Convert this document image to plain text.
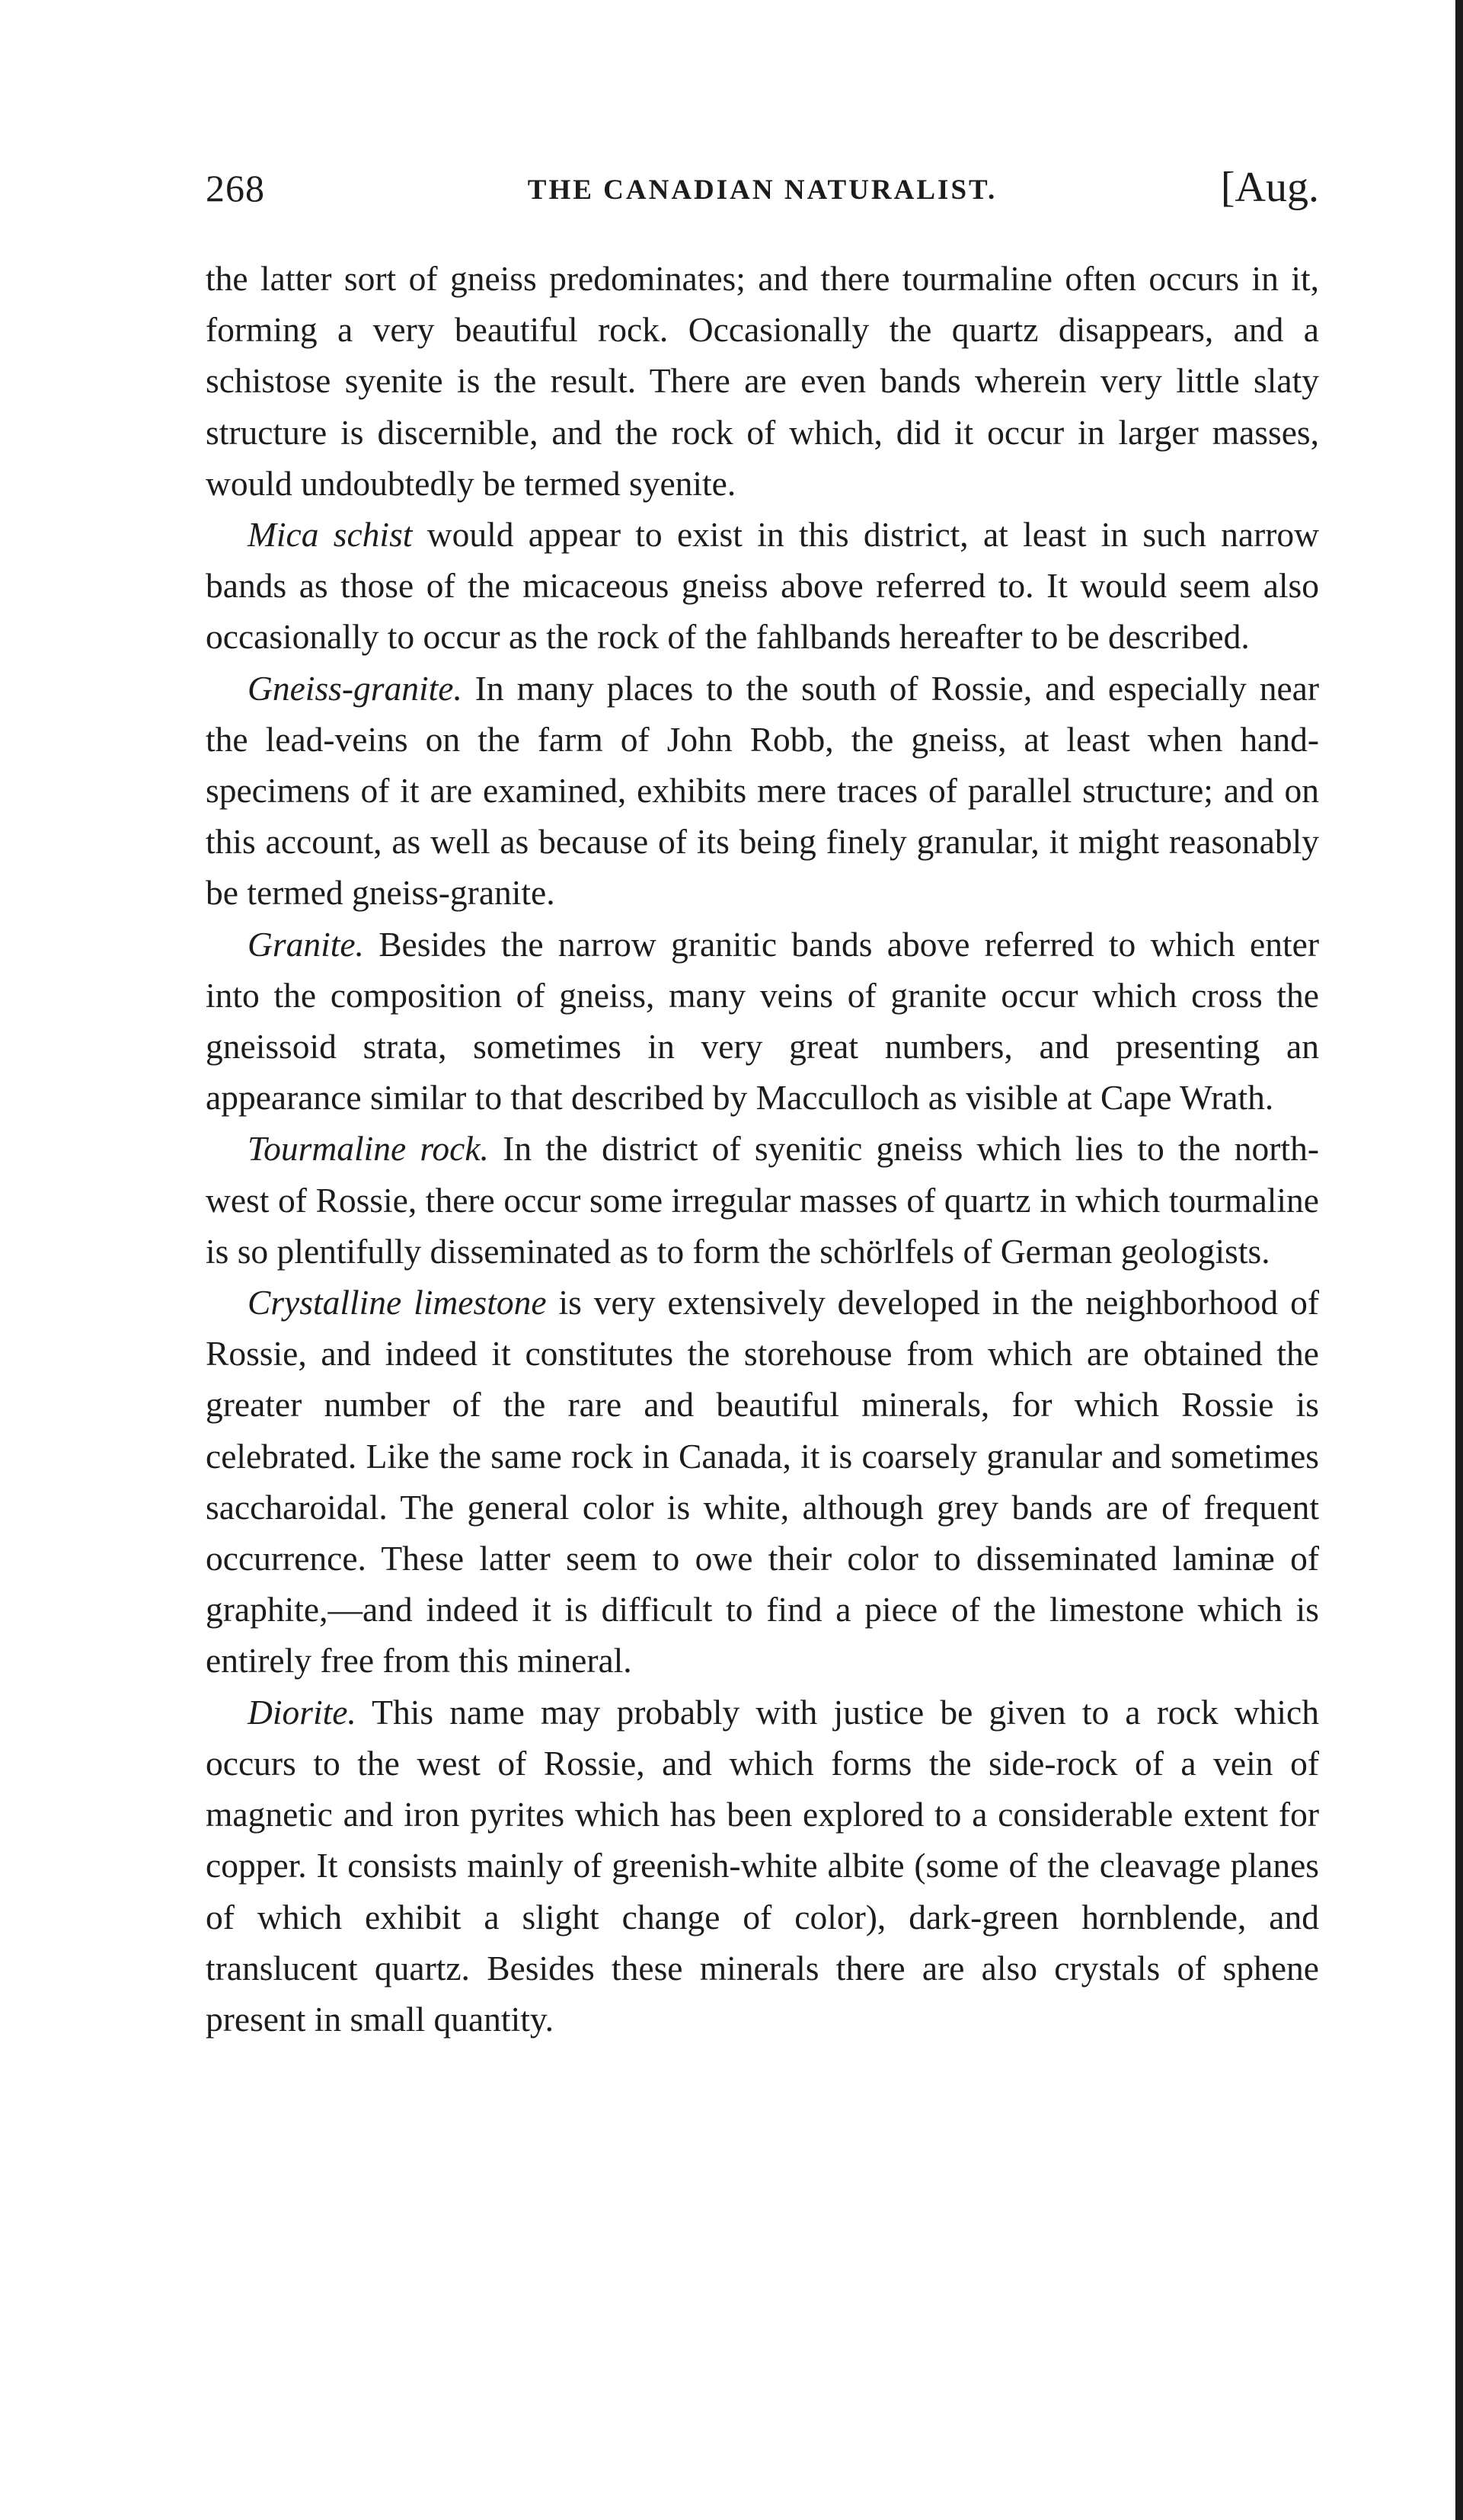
268	THE CANADIAN NATURALIST.	[Aug.

the latter sort of gneiss predominates; and there tourmaline often occurs in it, forming a very beautiful rock. Occasionally the quartz disappears, and a schistose syenite is the result. There are even bands wherein very little slaty structure is discernible, and the rock of which, did it occur in larger masses, would undoubtedly be termed syenite.

Mica schist would appear to exist in this district, at least in such narrow bands as those of the micaceous gneiss above referred to. It would seem also occasionally to occur as the rock of the fahlbands hereafter to be described.

Gneiss-granite. In many places to the south of Rossie, and especially near the lead-veins on the farm of John Robb, the gneiss, at least when hand-specimens of it are examined, exhibits mere traces of parallel structure; and on this account, as well as because of its being finely granular, it might reasonably be termed gneiss-granite.

Granite. Besides the narrow granitic bands above referred to which enter into the composition of gneiss, many veins of granite occur which cross the gneissoid strata, sometimes in very great numbers, and presenting an appearance similar to that described by Macculloch as visible at Cape Wrath.

Tourmaline rock. In the district of syenitic gneiss which lies to the north-west of Rossie, there occur some irregular masses of quartz in which tourmaline is so plentifully disseminated as to form the schörlfels of German geologists.

Crystalline limestone is very extensively developed in the neighborhood of Rossie, and indeed it constitutes the storehouse from which are obtained the greater number of the rare and beautiful minerals, for which Rossie is celebrated. Like the same rock in Canada, it is coarsely granular and sometimes saccharoidal. The general color is white, although grey bands are of frequent occurrence. These latter seem to owe their color to disseminated laminæ of graphite,—and indeed it is difficult to find a piece of the limestone which is entirely free from this mineral.

Diorite. This name may probably with justice be given to a rock which occurs to the west of Rossie, and which forms the side-rock of a vein of magnetic and iron pyrites which has been explored to a considerable extent for copper. It consists mainly of greenish-white albite (some of the cleavage planes of which exhibit a slight change of color), dark-green hornblende, and translucent quartz. Besides these minerals there are also crystals of sphene present in small quantity.
